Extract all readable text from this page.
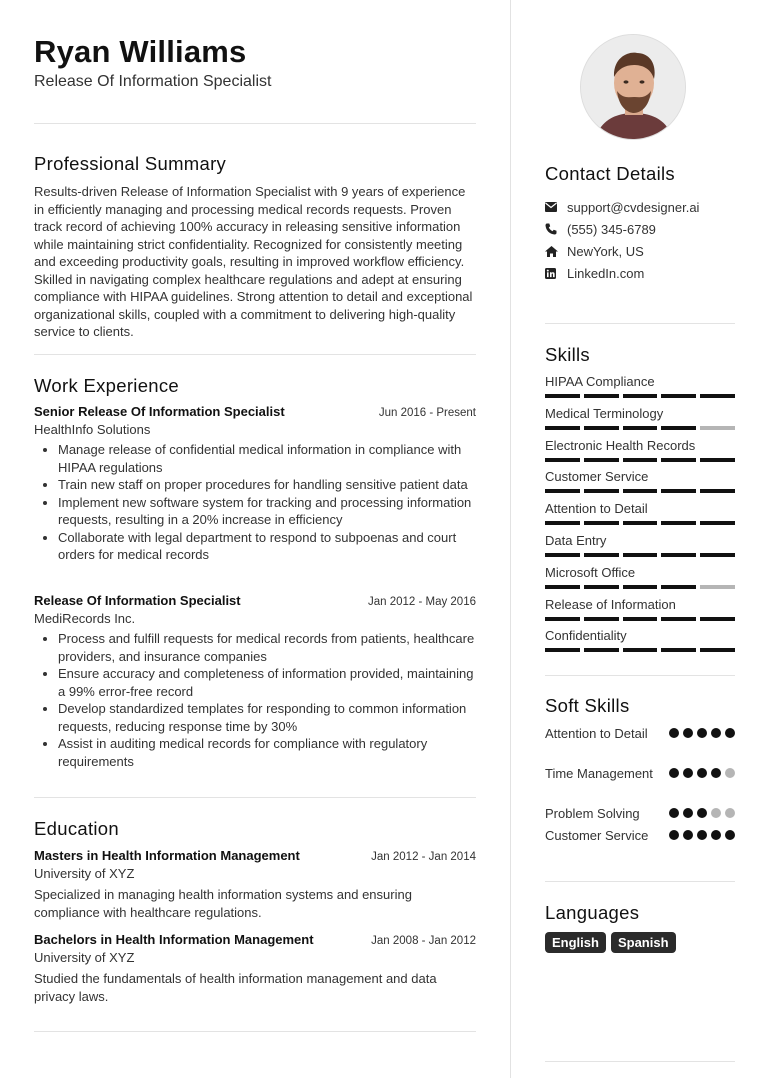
Ryan Williams
Release Of Information Specialist
Professional Summary
Results-driven Release of Information Specialist with 9 years of experience in efficiently managing and processing medical records requests. Proven track record of achieving 100% accuracy in releasing sensitive information while maintaining strict confidentiality. Recognized for consistently meeting and exceeding productivity goals, resulting in improved workflow efficiency. Skilled in navigating complex healthcare regulations and adept at ensuring compliance with HIPAA guidelines. Strong attention to detail and exceptional organizational skills, coupled with a commitment to delivering high-quality service to clients.
Work Experience
Senior Release Of Information Specialist	Jun 2016 - Present
HealthInfo Solutions
• Manage release of confidential medical information in compliance with HIPAA regulations
• Train new staff on proper procedures for handling sensitive patient data
• Implement new software system for tracking and processing information requests, resulting in a 20% increase in efficiency
• Collaborate with legal department to respond to subpoenas and court orders for medical records
Release Of Information Specialist	Jan 2012 - May 2016
MediRecords Inc.
• Process and fulfill requests for medical records from patients, healthcare providers, and insurance companies
• Ensure accuracy and completeness of information provided, maintaining a 99% error-free record
• Develop standardized templates for responding to common information requests, reducing response time by 30%
• Assist in auditing medical records for compliance with regulatory requirements
Education
Masters in Health Information Management	Jan 2012 - Jan 2014
University of XYZ
Specialized in managing health information systems and ensuring compliance with healthcare regulations.
Bachelors in Health Information Management	Jan 2008 - Jan 2012
University of XYZ
Studied the fundamentals of health information management and data privacy laws.
Contact Details
support@cvdesigner.ai
(555) 345-6789
NewYork, US
LinkedIn.com
Skills
HIPAA Compliance
Medical Terminology
Electronic Health Records
Customer Service
Attention to Detail
Data Entry
Microsoft Office
Release of Information
Confidentiality
Soft Skills
Attention to Detail
Time Management
Problem Solving
Customer Service
Languages
English	Spanish
